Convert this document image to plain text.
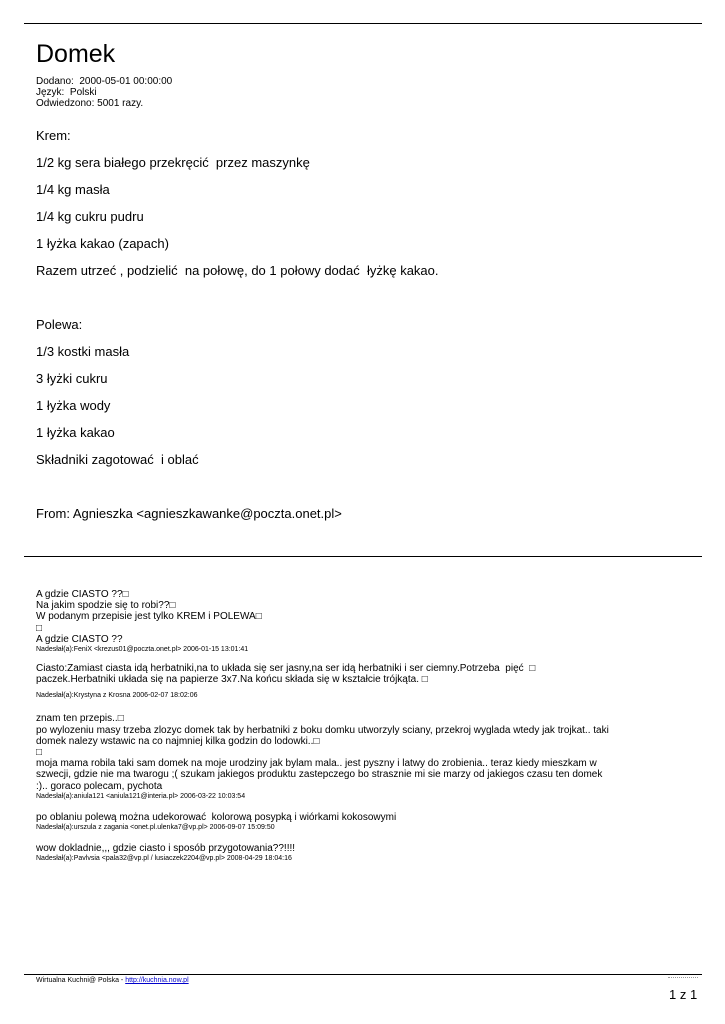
Domek
Dodano:  2000-05-01 00:00:00
Język:  Polski
Odwiedzono: 5001 razy.
Krem:
1/2 kg sera białego przekręcić  przez maszynkę
1/4 kg masła
1/4 kg cukru pudru
1 łyżka kakao (zapach)
Razem utrzeć , podzielić  na połowę, do 1 połowy dodać  łyżkę kakao.
Polewa:
1/3 kostki masła
3 łyżki cukru
1 łyżka wody
1 łyżka kakao
Składniki zagotować  i oblać
From: Agnieszka <agnieszkawanke@poczta.onet.pl>
A gdzie CIASTO ??□
Na jakim spodzie się to robi??□
W podanym przepisie jest tylko KREM i POLEWA□
□
A gdzie CIASTO ??
Nadesłał(a):FeniX <krezus01@poczta.onet.pl> 2006-01-15 13:01:41
Ciasto:Zamiast ciasta idą herbatniki,na to układa się ser jasny,na ser idą herbatniki i ser ciemny.Potrzeba  pięć  □
paczek.Herbatniki układa się na papierze 3x7.Na końcu składa się w kształcie trójkąta. □
Nadesłał(a):Krystyna z Krosna 2006-02-07 18:02:06
znam ten przepis..□
po wylozeniu masy trzeba zlozyc domek tak by herbatniki z boku domku utworzyly sciany, przekroj wyglada wtedy jak trojkat.. taki
domek nalezy wstawic na co najmniej kilka godzin do lodowki..□
□
moja mama robila taki sam domek na moje urodziny jak bylam mala.. jest pyszny i latwy do zrobienia.. teraz kiedy mieszkam w
szwecji, gdzie nie ma twarogu ;( szukam jakiegos produktu zastepczego bo strasznie mi sie marzy od jakiegos czasu ten domek
:).. goraco polecam, pychota
Nadesłał(a):aniula121 <aniula121@interia.pl> 2006-03-22 10:03:54
po oblaniu polewą można udekorować  kolorową posypką i wiórkami kokosowymi
Nadesłał(a):urszula z zagania <onet.pl.ulenka7@vp.pl> 2006-09-07 15:09:50
wow dokladnie,,, gdzie ciasto i sposób przygotowania??!!!!
Nadesłał(a):Pavlvsia <pala32@vp.pl / lusiaczek2204@vp.pl> 2008-04-29 18:04:16
Wirtualna Kuchni@ Polska - http://kuchnia.now.pl
1 z 1
